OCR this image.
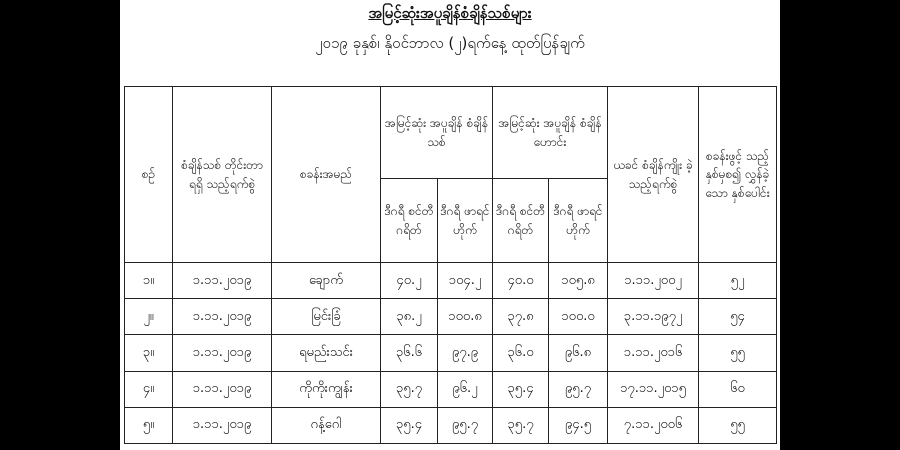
အမြင့်ဆုံးအပူချိန်စံချိန်သစ်များ
၂၀၁၉ ခုနှစ်၊ နိုဝင်ဘာလ (၂)ရက်နေ့ ထုတ်ပြန်ချက်
စဉ်	စံချိန်သစ် တိုင်းတာရရှိ သည့်ရက်စွဲ	စခန်းအမည်	အမြင့်ဆုံး အပူချိန် စံချိန်သစ်		အမြင့်ဆုံး အပူချိန် စံချိန်ဟောင်း		ယခင် စံချိန်ကျိုး ခဲ့သည့်ရက်စွဲ	စခန်းဖွင့် သည့် နှစ်မှစ၍ လွှန်ခဲ့သော နှစ်ပေါင်း
			ဒီဂရီ စင်တီ ဂရိတ်	ဒီဂရီ ဖာရင် ဟိုက်	ဒီဂရီ စင်တီ ဂရိတ်	ဒီဂရီ ဖာရင် ဟိုက်		
၁။	၁.၁၁.၂၀၁၉	ချောက်	၄၀.၂	၁၀၄.၂	၄၀.၀	၁၀၅.၈	၁.၁၁.၂၀၀၂	၅၂
၂။	၁.၁၁.၂၀၁၉	မြင်းခြံ	၃၈.၂	၁၀၀.၈	၃၇.၈	၁၀၀.၀	၃.၁၁.၁၉၇၂	၅၄
၃။	၁.၁၁.၂၀၁၉	ရမည်းသင်း	၃၆.၆	၉၇.၉	၃၆.၀	၉၆.၈	၁.၁၁.၂၀၁၆	၅၅
၄။	၁.၁၁.၂၀၁၉	ကိုကိုးကျွန်း	၃၅.၇	၉၆.၂	၃၅.၄	၉၅.၇	၁၇.၁၁.၂၀၁၅	၆၀
၅။	၁.၁၁.၂၀၁၉	ဂန့်ဂေါ	၃၅.၄	၉၅.၇	၃၅.၇	၉၄.၅	၇.၁၁.၂၀၀၆	၅၅
